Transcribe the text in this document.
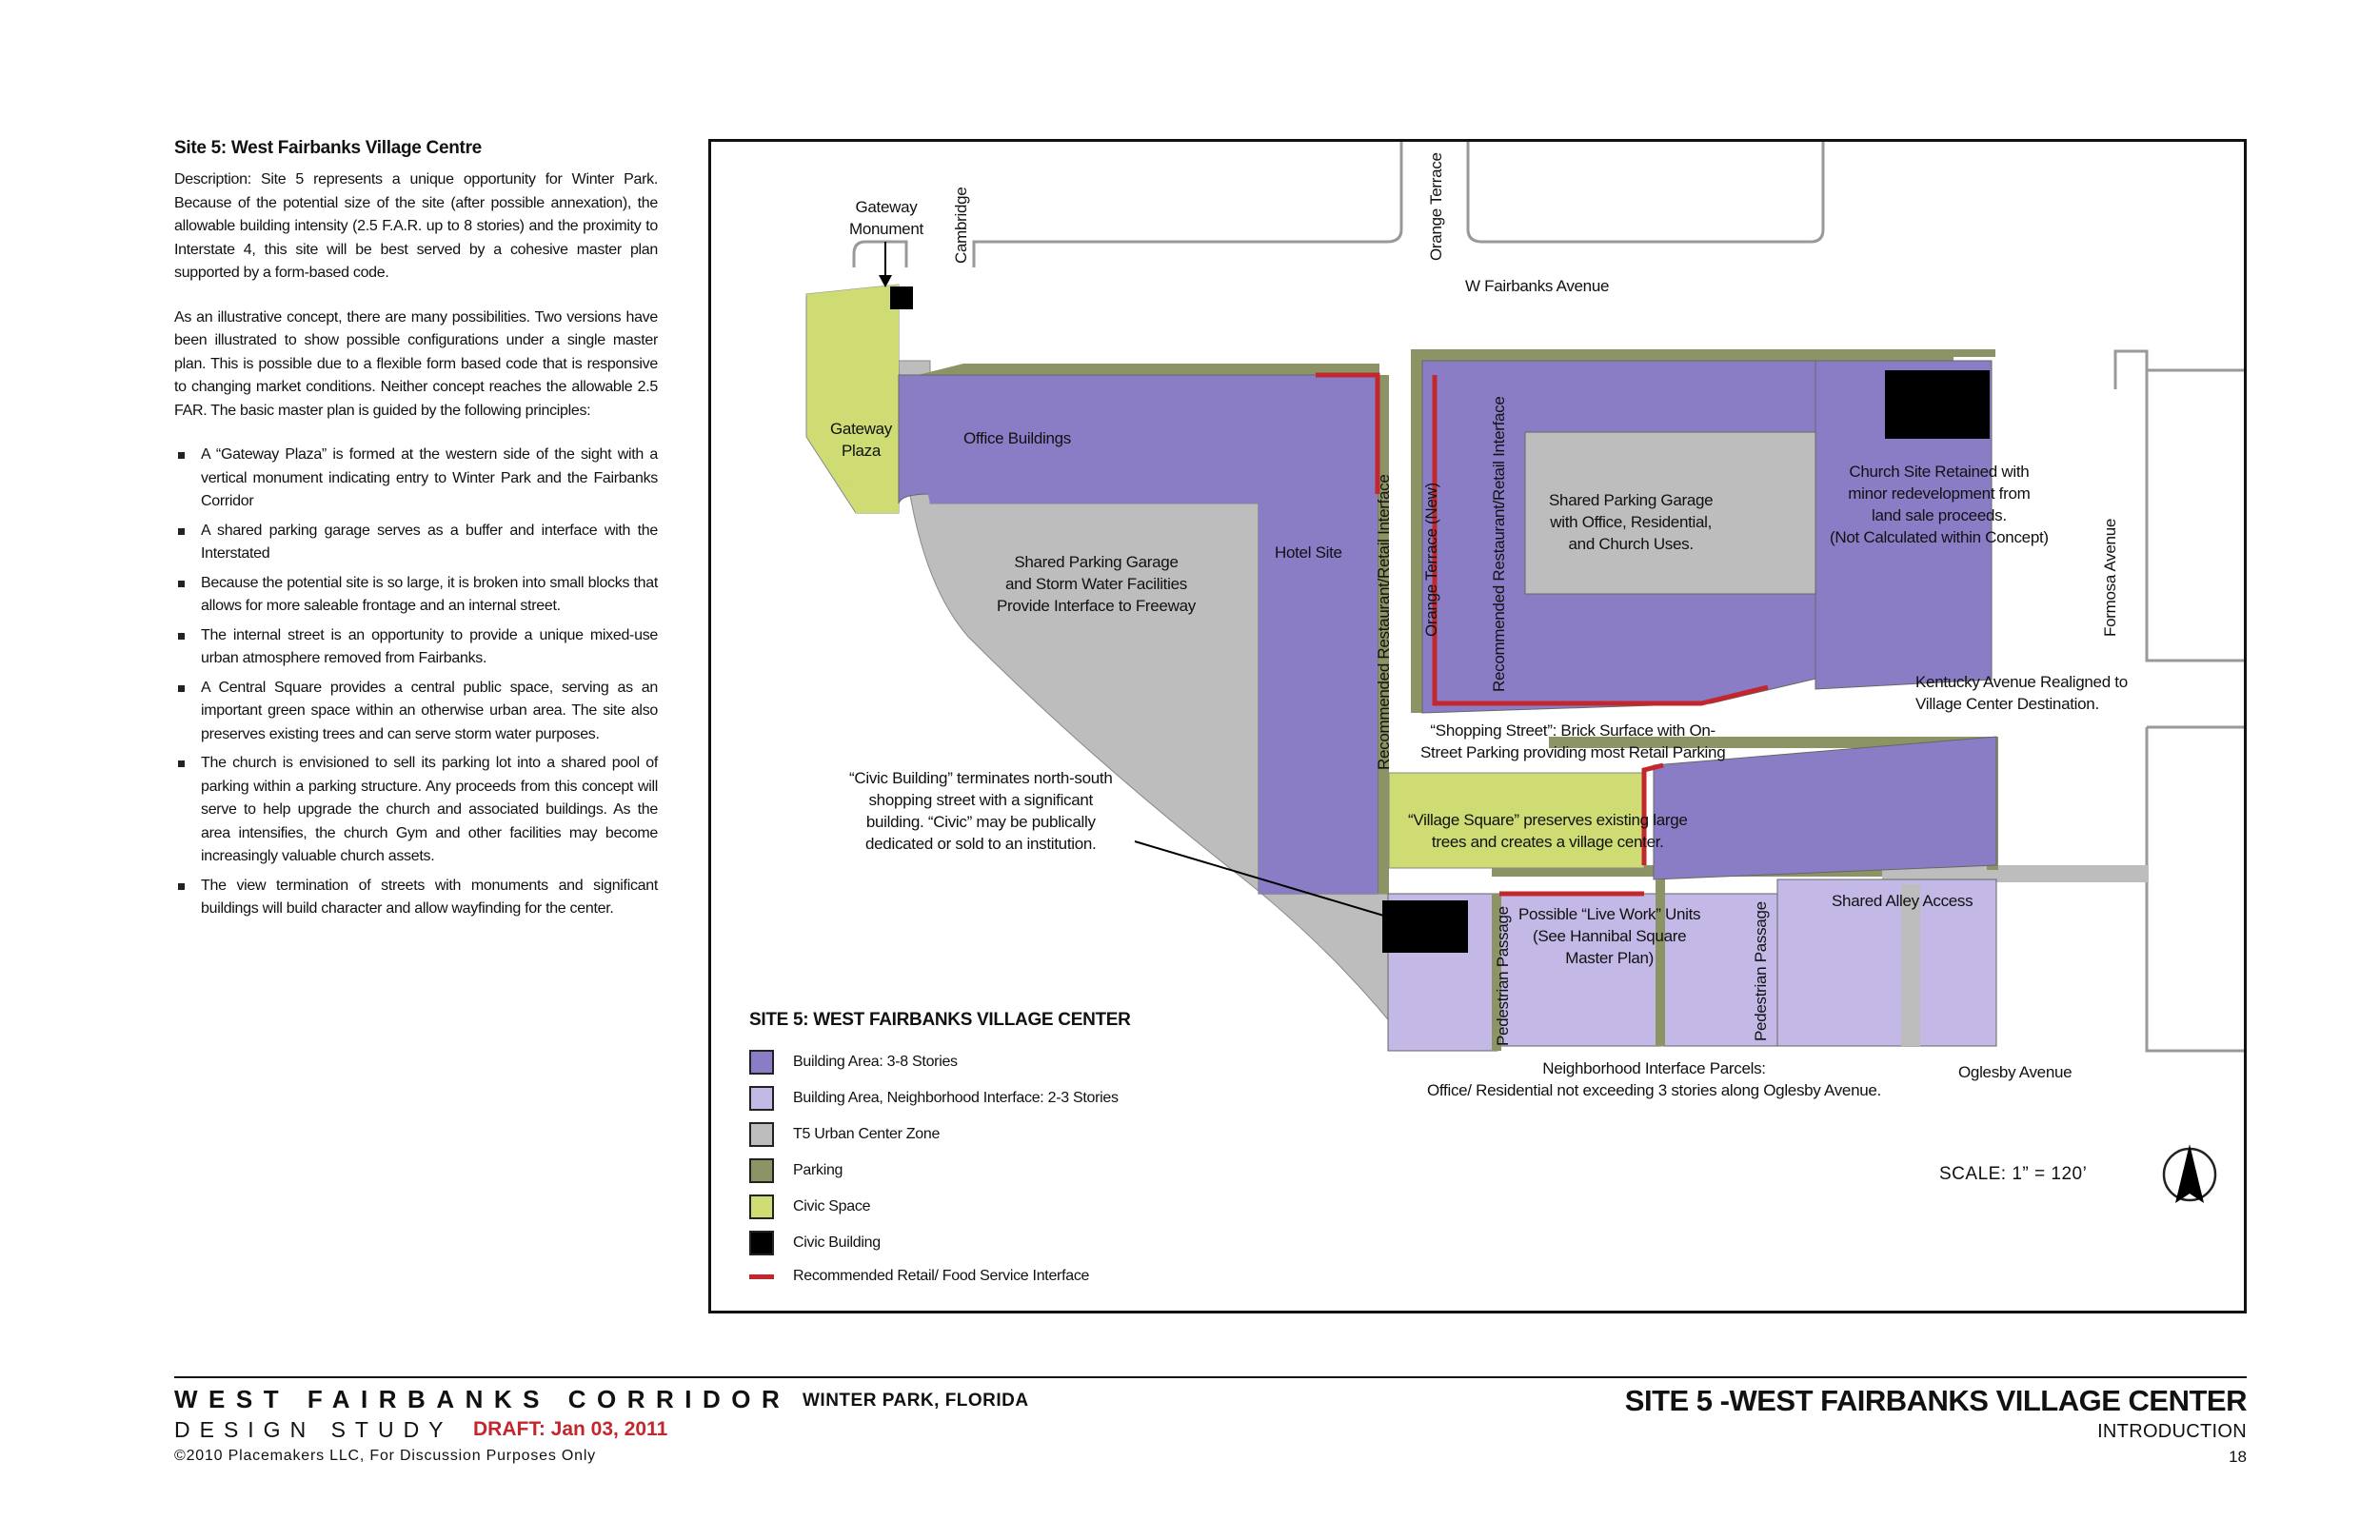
Site 5: West Fairbanks Village Centre

Description: Site 5 represents a unique opportunity for Winter Park. Because of the potential size of the site (after possible annexation), the allowable building intensity (2.5 F.A.R. up to 8 stories) and the proximity to Interstate 4, this site will be best served by a cohesive master plan supported by a form-based code.

As an illustrative concept, there are many possibilities. Two versions have been illustrated to show possible configurations under a single master plan. This is possible due to a flexible form based code that is responsive to changing market conditions. Neither concept reaches the allowable 2.5 FAR. The basic master plan is guided by the following principles:

A “Gateway Plaza” is formed at the western side of the sight with a vertical monument indicating entry to Winter Park and the Fairbanks Corridor
A shared parking garage serves as a buffer and interface with the Interstated
Because the potential site is so large, it is broken into small blocks that allows for more saleable frontage and an internal street.
The internal street is an opportunity to provide a unique mixed-use urban atmosphere removed from Fairbanks.
A Central Square provides a central public space, serving as an important green space within an otherwise urban area. The site also preserves existing trees and can serve storm water purposes.
The church is envisioned to sell its parking lot into a shared pool of parking within a parking structure. Any proceeds from this concept will serve to help upgrade the church and associated buildings. As the area intensifies, the church Gym and other facilities may become increasingly valuable church assets.
The view termination of streets with monuments and significant buildings will build character and allow wayfinding for the center.
Gateway
Monument Cambridge	Orange Terrace
W Fairbanks Avenue
Gateway
Plaza
Office Buildings
Shared Parking Garage
and Storm Water Facilities
Provide Interface to Freeway
Hotel Site Recommended Restaurant/Retail Interface Orange Terrace (New)	Recommended Restaurant/Retail Interface	Shared Parking Garage
with Office, Residential,
and Church Uses.
Church Site Retained with
minor redevelopment from
land sale proceeds.
(Not Calculated within Concept)	Formosa Avenue
Kentucky Avenue Realigned to
Village Center Destination.
“Shopping Street”: Brick Surface with On-
Street Parking providing most Retail Parking
“Civic Building” terminates north-south
shopping street with a significant
building. “Civic” may be publically
dedicated or sold to an institution.
“Village Square” preserves existing large
trees and creates a village center.
Pedestrian Passage Possible “Live Work” Units
(See Hannibal Square
Master Plan)	Pedestrian Passage
Shared Alley Access
Neighborhood Interface Parcels:
Office/ Residential not exceeding 3 stories along Oglesby Avenue.
Oglesby Avenue
SCALE: 1” = 120’
SITE 5: WEST FAIRBANKS VILLAGE CENTER
Building Area: 3-8 Stories
Building Area, Neighborhood Interface: 2-3 Stories
T5 Urban Center Zone
Parking
Civic Space
Civic Building
Recommended Retail/ Food Service Interface
WEST FAIRBANKS CORRIDOR WINTER PARK, FLORIDA
DESIGN STUDY DRAFT: Jan 03, 2011
©2010 Placemakers LLC, For Discussion Purposes Only
SITE 5 -WEST FAIRBANKS VILLAGE CENTER
INTRODUCTION
18
